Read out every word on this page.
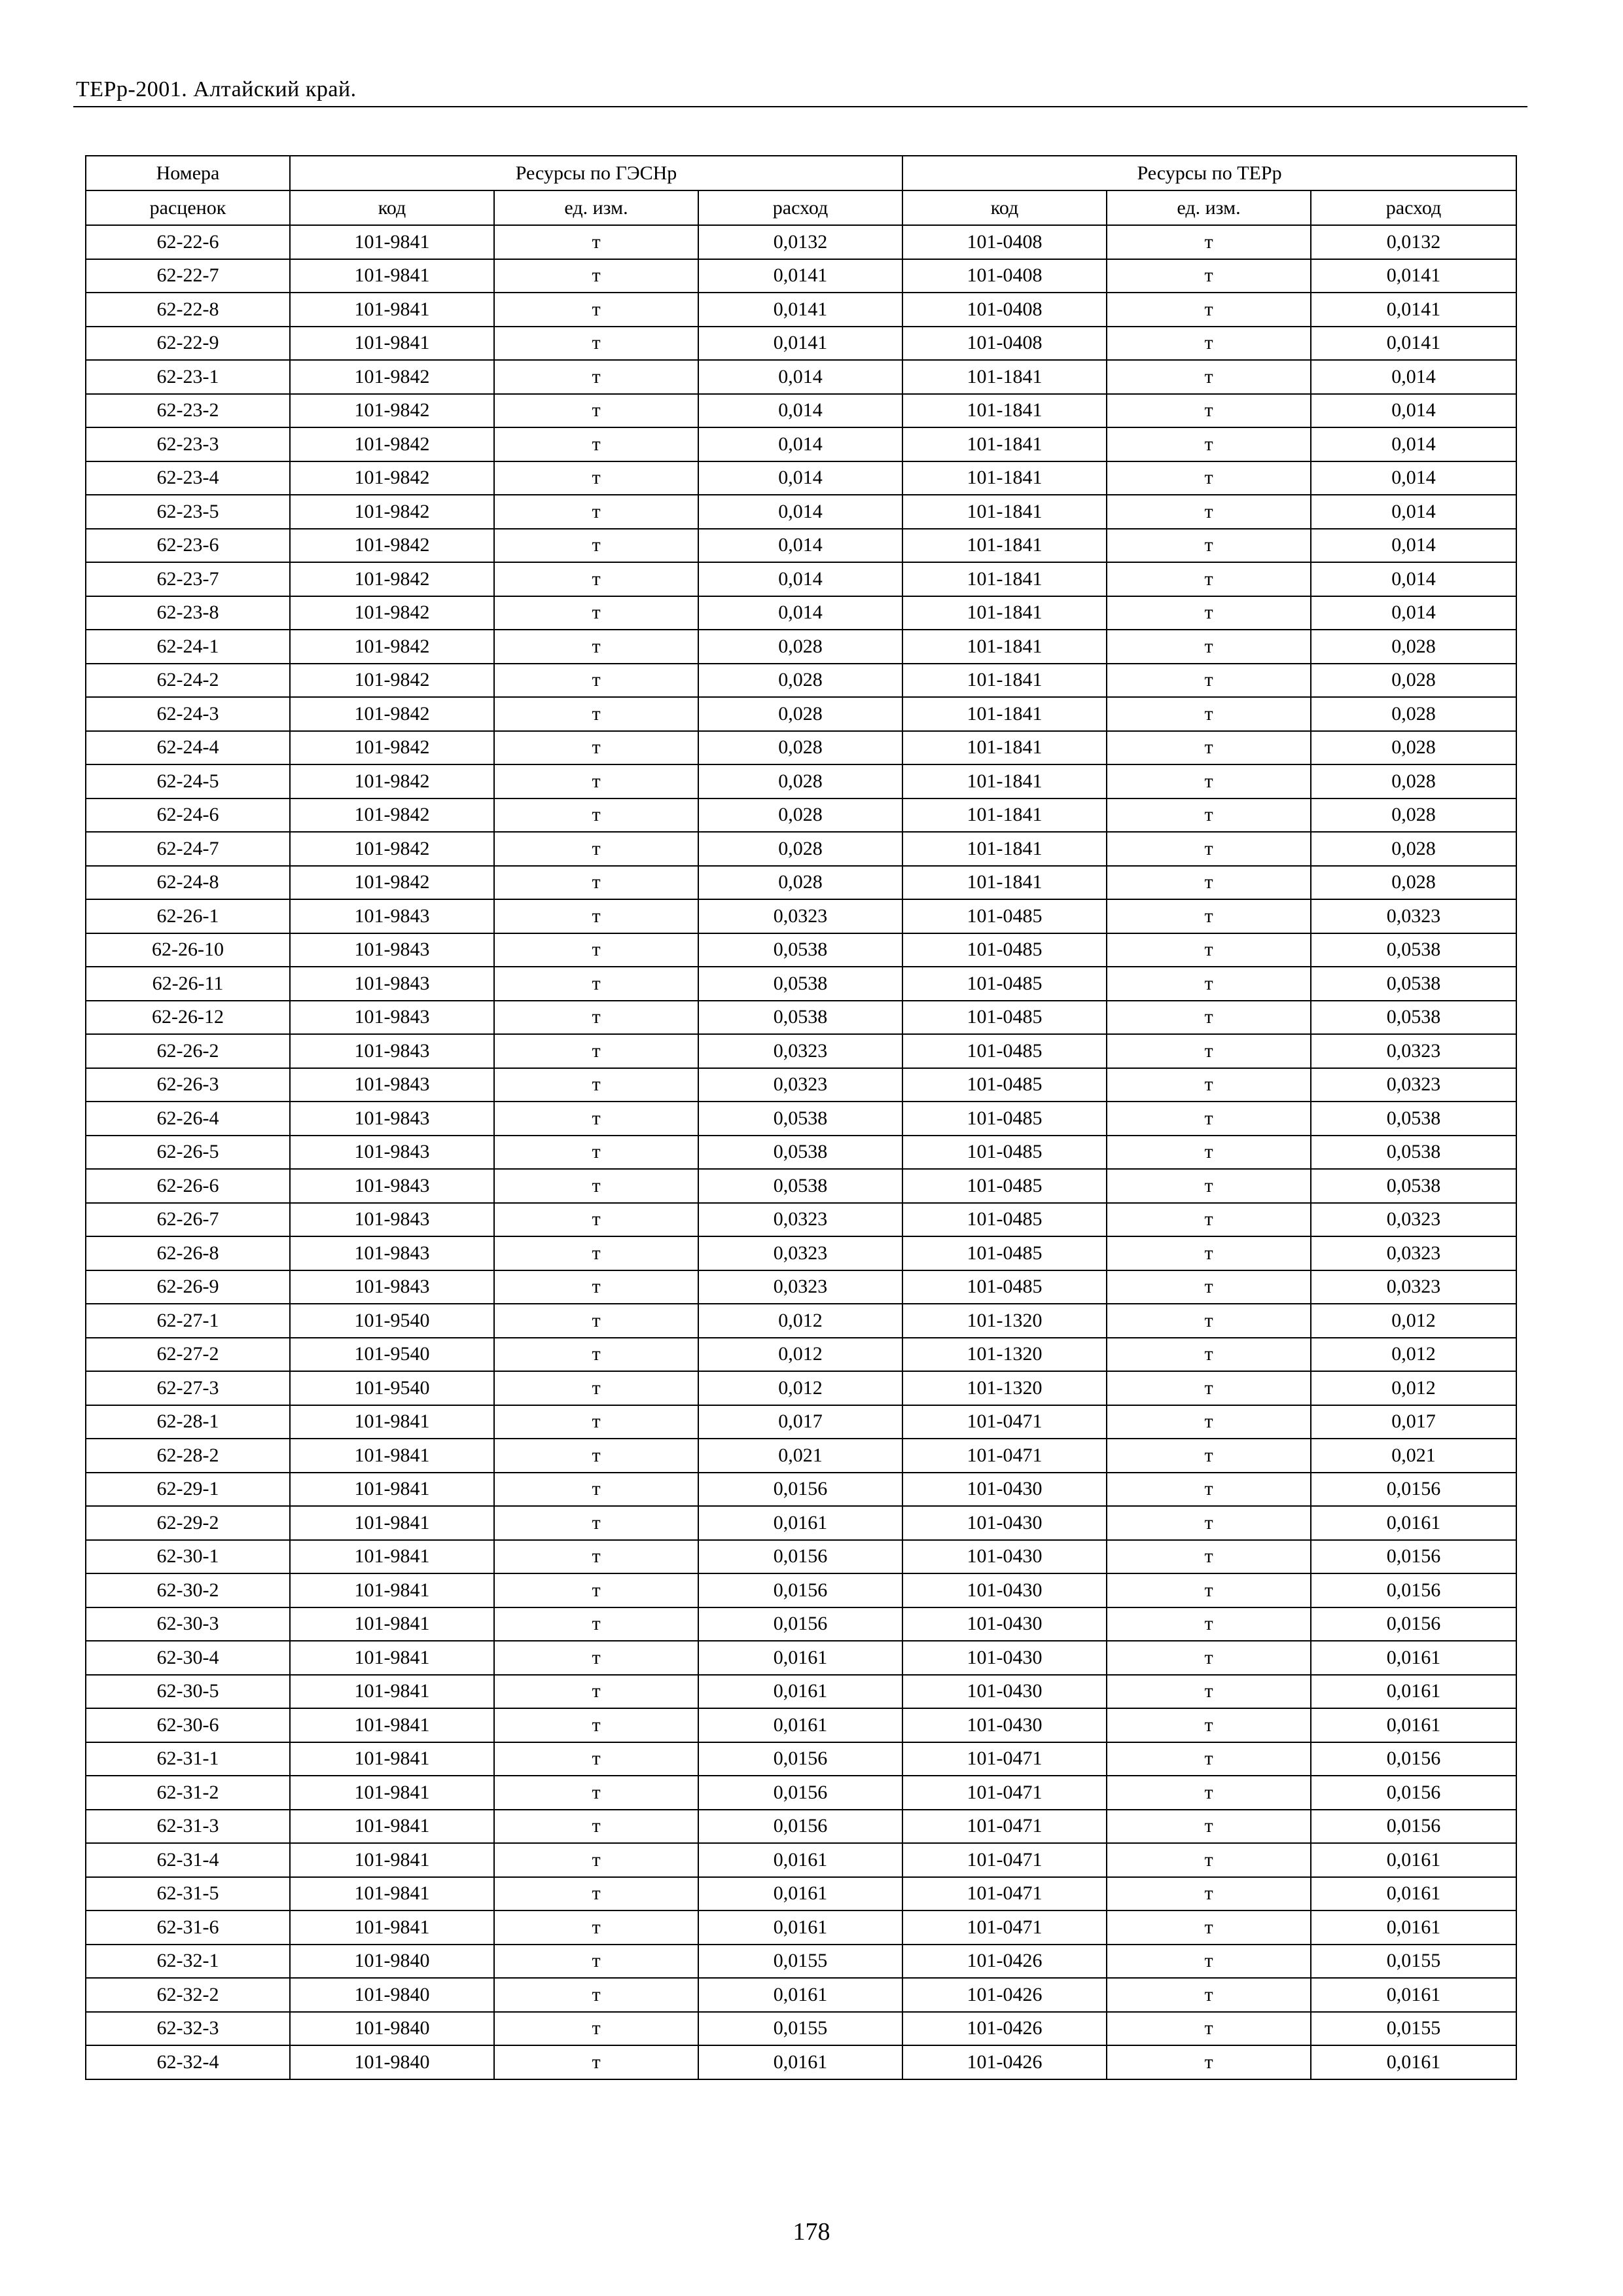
ТЕРр-2001. Алтайский край.
Номера	Ресурсы по ГЭСНр			Ресурсы по ТЕРр		
расценок	код	ед. изм.	расход	код	ед. изм.	расход
62-22-6	101-9841	т	0,0132	101-0408	т	0,0132
62-22-7	101-9841	т	0,0141	101-0408	т	0,0141
62-22-8	101-9841	т	0,0141	101-0408	т	0,0141
62-22-9	101-9841	т	0,0141	101-0408	т	0,0141
62-23-1	101-9842	т	0,014	101-1841	т	0,014
62-23-2	101-9842	т	0,014	101-1841	т	0,014
62-23-3	101-9842	т	0,014	101-1841	т	0,014
62-23-4	101-9842	т	0,014	101-1841	т	0,014
62-23-5	101-9842	т	0,014	101-1841	т	0,014
62-23-6	101-9842	т	0,014	101-1841	т	0,014
62-23-7	101-9842	т	0,014	101-1841	т	0,014
62-23-8	101-9842	т	0,014	101-1841	т	0,014
62-24-1	101-9842	т	0,028	101-1841	т	0,028
62-24-2	101-9842	т	0,028	101-1841	т	0,028
62-24-3	101-9842	т	0,028	101-1841	т	0,028
62-24-4	101-9842	т	0,028	101-1841	т	0,028
62-24-5	101-9842	т	0,028	101-1841	т	0,028
62-24-6	101-9842	т	0,028	101-1841	т	0,028
62-24-7	101-9842	т	0,028	101-1841	т	0,028
62-24-8	101-9842	т	0,028	101-1841	т	0,028
62-26-1	101-9843	т	0,0323	101-0485	т	0,0323
62-26-10	101-9843	т	0,0538	101-0485	т	0,0538
62-26-11	101-9843	т	0,0538	101-0485	т	0,0538
62-26-12	101-9843	т	0,0538	101-0485	т	0,0538
62-26-2	101-9843	т	0,0323	101-0485	т	0,0323
62-26-3	101-9843	т	0,0323	101-0485	т	0,0323
62-26-4	101-9843	т	0,0538	101-0485	т	0,0538
62-26-5	101-9843	т	0,0538	101-0485	т	0,0538
62-26-6	101-9843	т	0,0538	101-0485	т	0,0538
62-26-7	101-9843	т	0,0323	101-0485	т	0,0323
62-26-8	101-9843	т	0,0323	101-0485	т	0,0323
62-26-9	101-9843	т	0,0323	101-0485	т	0,0323
62-27-1	101-9540	т	0,012	101-1320	т	0,012
62-27-2	101-9540	т	0,012	101-1320	т	0,012
62-27-3	101-9540	т	0,012	101-1320	т	0,012
62-28-1	101-9841	т	0,017	101-0471	т	0,017
62-28-2	101-9841	т	0,021	101-0471	т	0,021
62-29-1	101-9841	т	0,0156	101-0430	т	0,0156
62-29-2	101-9841	т	0,0161	101-0430	т	0,0161
62-30-1	101-9841	т	0,0156	101-0430	т	0,0156
62-30-2	101-9841	т	0,0156	101-0430	т	0,0156
62-30-3	101-9841	т	0,0156	101-0430	т	0,0156
62-30-4	101-9841	т	0,0161	101-0430	т	0,0161
62-30-5	101-9841	т	0,0161	101-0430	т	0,0161
62-30-6	101-9841	т	0,0161	101-0430	т	0,0161
62-31-1	101-9841	т	0,0156	101-0471	т	0,0156
62-31-2	101-9841	т	0,0156	101-0471	т	0,0156
62-31-3	101-9841	т	0,0156	101-0471	т	0,0156
62-31-4	101-9841	т	0,0161	101-0471	т	0,0161
62-31-5	101-9841	т	0,0161	101-0471	т	0,0161
62-31-6	101-9841	т	0,0161	101-0471	т	0,0161
62-32-1	101-9840	т	0,0155	101-0426	т	0,0155
62-32-2	101-9840	т	0,0161	101-0426	т	0,0161
62-32-3	101-9840	т	0,0155	101-0426	т	0,0155
62-32-4	101-9840	т	0,0161	101-0426	т	0,0161
178
